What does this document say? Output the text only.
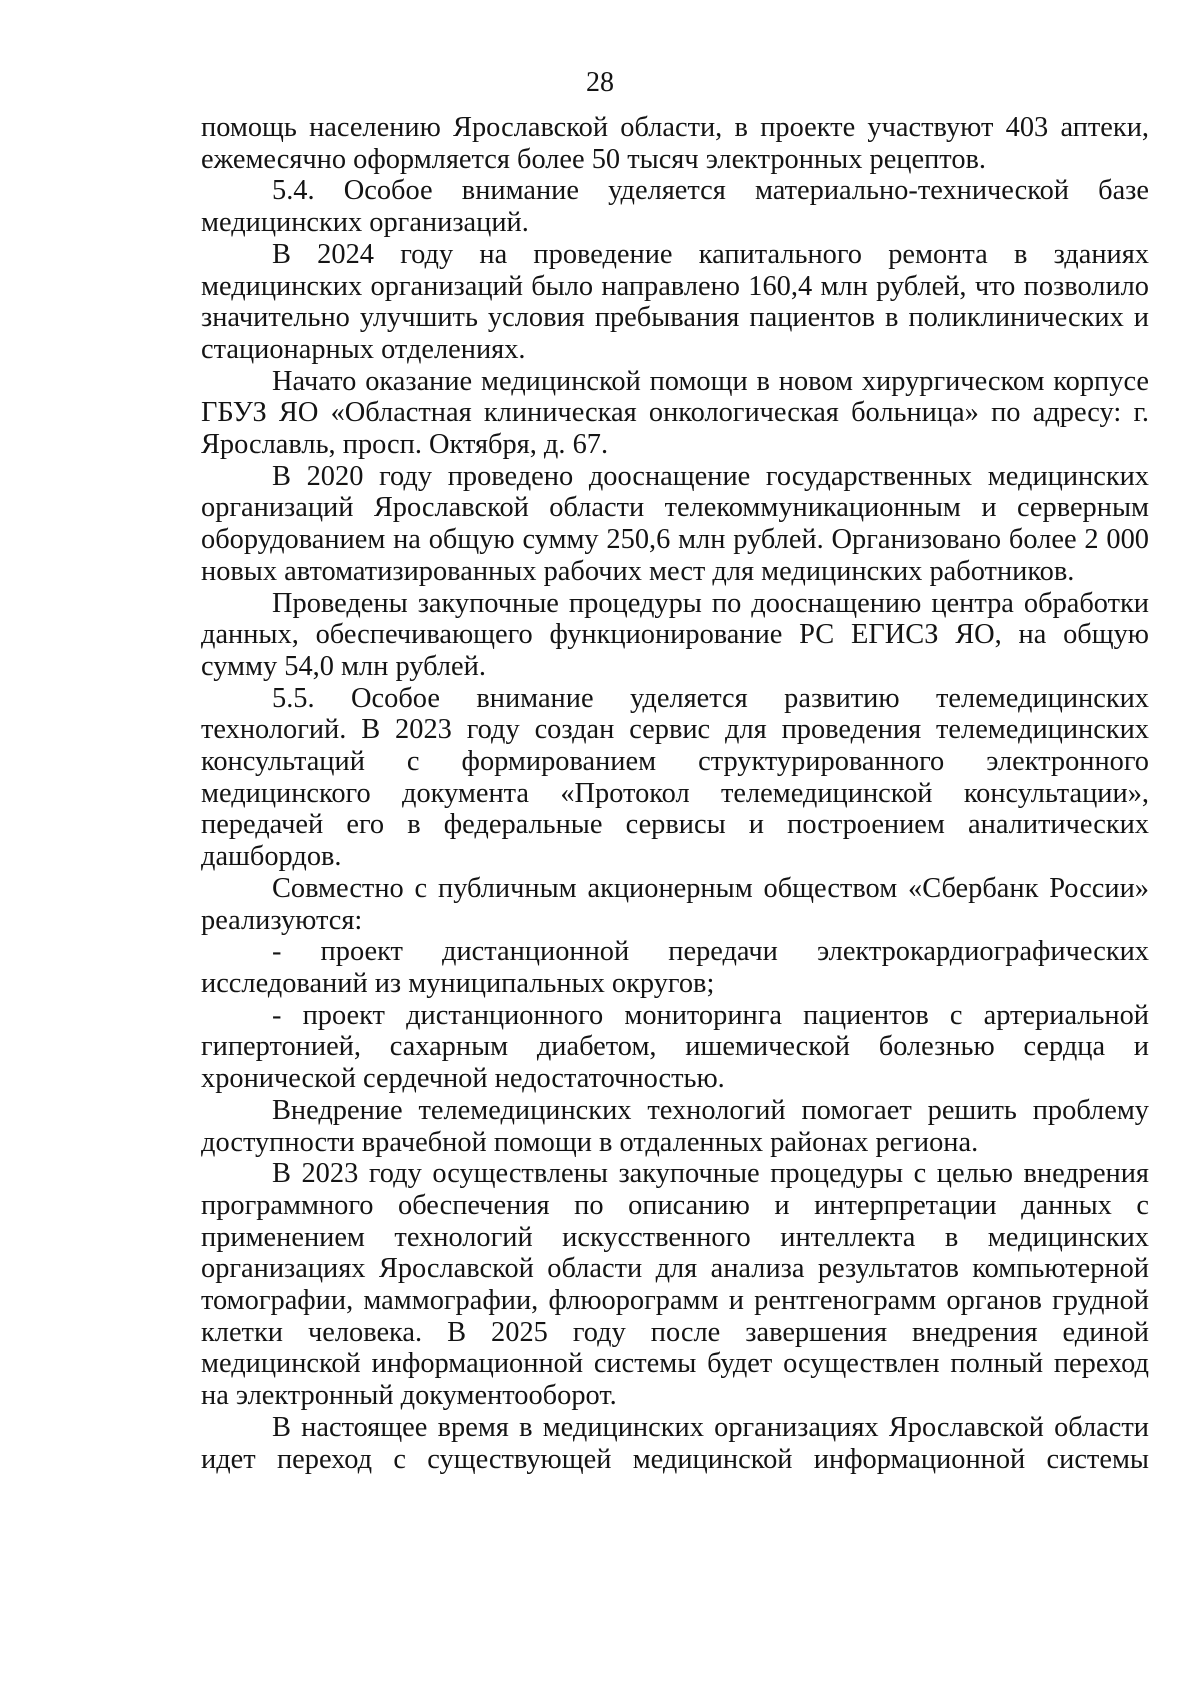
28

помощь населению Ярославской области, в проекте участвуют 403 аптеки, ежемесячно оформляется более 50 тысяч электронных рецептов.

5.4. Особое внимание уделяется материально-технической базе медицинских организаций.

В 2024 году на проведение капитального ремонта в зданиях медицинских организаций было направлено 160,4 млн рублей, что позволило значительно улучшить условия пребывания пациентов в поликлинических и стационарных отделениях.

Начато оказание медицинской помощи в новом хирургическом корпусе ГБУЗ ЯО «Областная клиническая онкологическая больница» по адресу: г. Ярославль, просп. Октября, д. 67.

В 2020 году проведено дооснащение государственных медицинских организаций Ярославской области телекоммуникационным и серверным оборудованием на общую сумму 250,6 млн рублей. Организовано более 2 000 новых автоматизированных рабочих мест для медицинских работников.

Проведены закупочные процедуры по дооснащению центра обработки данных, обеспечивающего функционирование РС ЕГИСЗ ЯО, на общую сумму 54,0 млн рублей.

5.5. Особое внимание уделяется развитию телемедицинских технологий. В 2023 году создан сервис для проведения телемедицинских консультаций с формированием структурированного электронного медицинского документа «Протокол телемедицинской консультации», передачей его в федеральные сервисы и построением аналитических дашбордов.

Совместно с публичным акционерным обществом «Сбербанк России» реализуются:

- проект дистанционной передачи электрокардиографических исследований из муниципальных округов;

- проект дистанционного мониторинга пациентов с артериальной гипертонией, сахарным диабетом, ишемической болезнью сердца и хронической сердечной недостаточностью.

Внедрение телемедицинских технологий помогает решить проблему доступности врачебной помощи в отдаленных районах региона.

В 2023 году осуществлены закупочные процедуры с целью внедрения программного обеспечения по описанию и интерпретации данных с применением технологий искусственного интеллекта в медицинских организациях Ярославской области для анализа результатов компьютерной томографии, маммографии, флюорограмм и рентгенограмм органов грудной клетки человека. В 2025 году после завершения внедрения единой медицинской информационной системы будет осуществлен полный переход на электронный документооборот.

В настоящее время в медицинских организациях Ярославской области идет переход с существующей медицинской информационной системы
